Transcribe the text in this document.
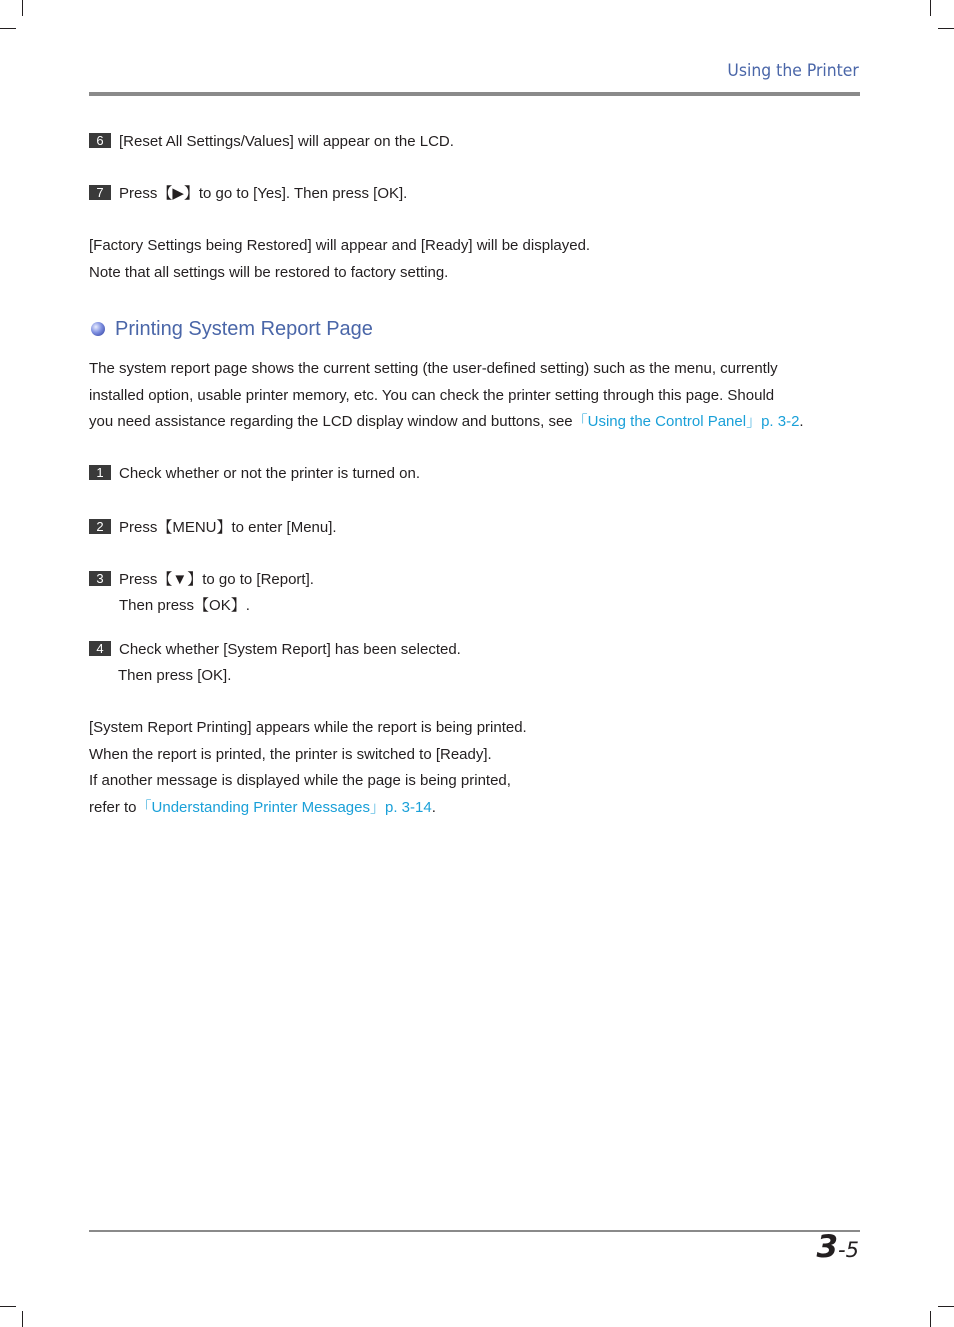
Using the Printer
6 [Reset All Settings/Values] will appear on the LCD.
7 Press【▶】to go to [Yes]. Then press [OK].
[Factory Settings being Restored] will appear and [Ready] will be displayed.
Note that all settings will be restored to factory setting.
Printing System Report Page
The system report page shows the current setting (the user-defined setting) such as the menu, currently
installed option, usable printer memory, etc. You can check the printer setting through this page. Should
you need assistance regarding the LCD display window and buttons, see「Using the Control Panel」p. 3-2.
1 Check whether or not the printer is turned on.
2 Press【MENU】to enter [Menu].
3 Press【▼】to go to [Report].
Then press【OK】.
4 Check whether [System Report] has been selected.
Then press [OK].
[System Report Printing] appears while the report is being printed.
When the report is printed, the printer is switched to [Ready].
If another message is displayed while the page is being printed,
refer to「Understanding Printer Messages」p. 3-14.
3-5
